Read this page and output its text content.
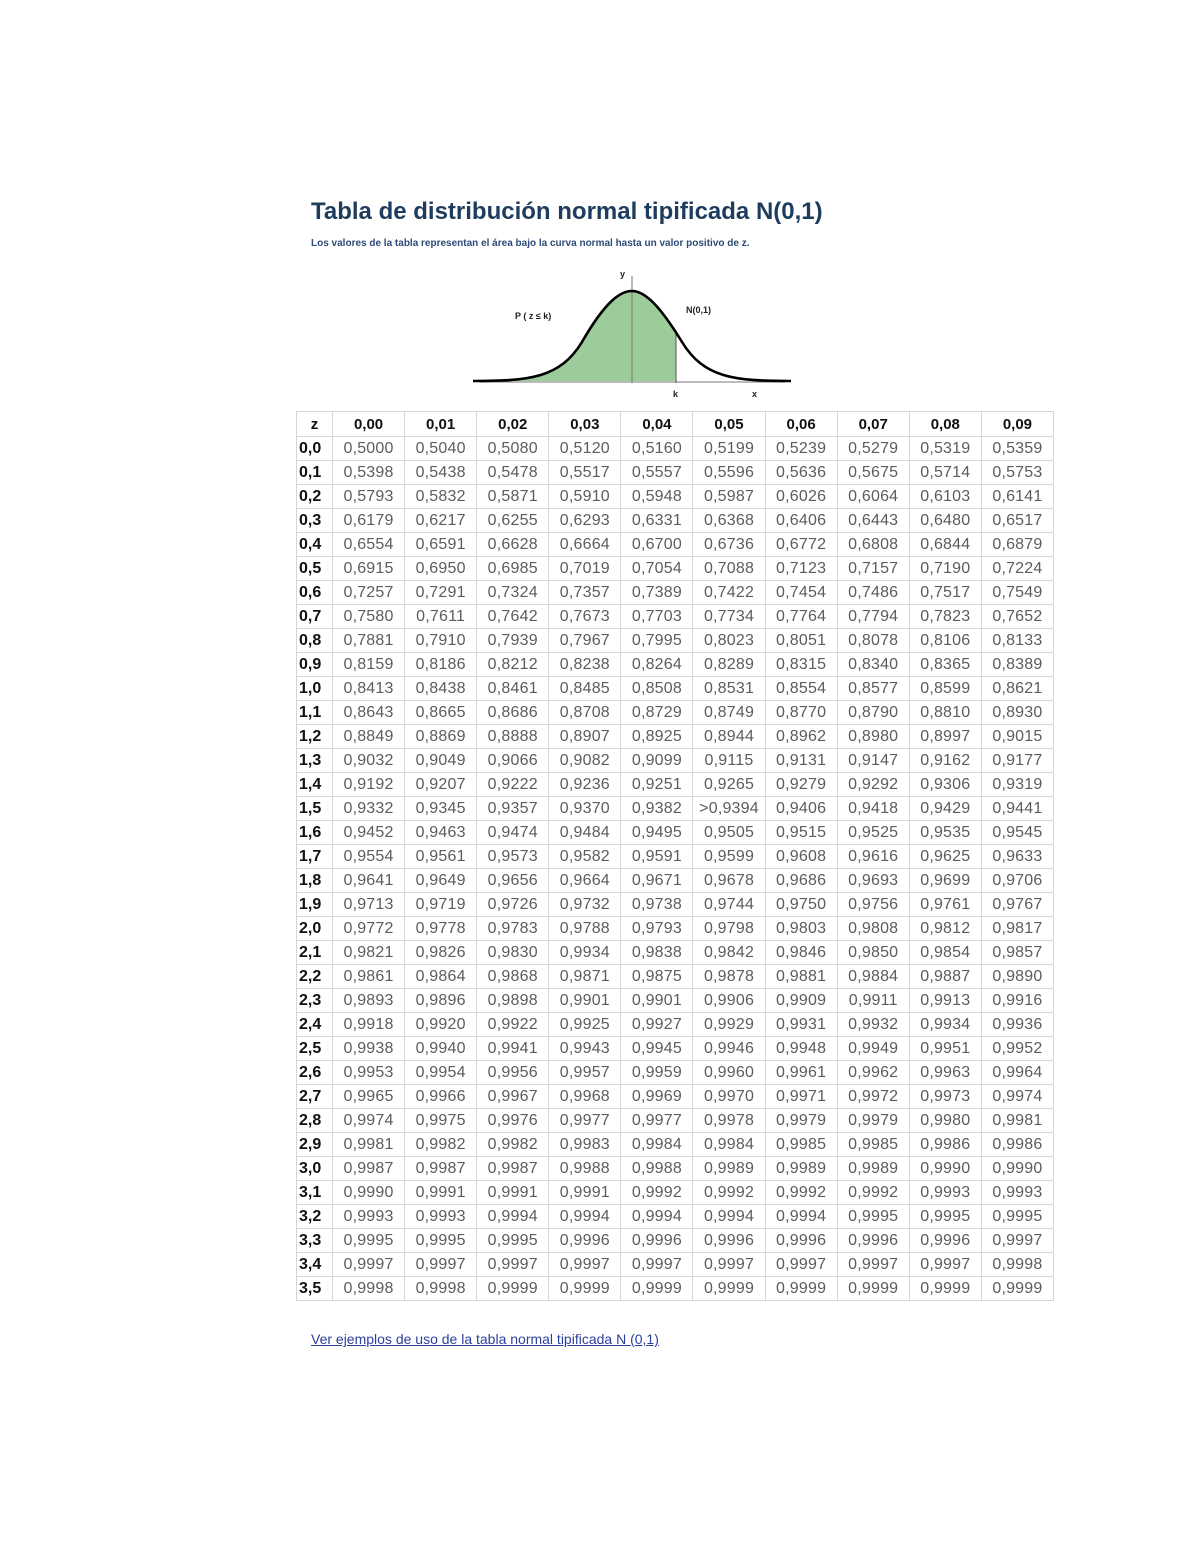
Tabla de distribución normal tipificada N(0,1)

Los valores de la tabla representan el área bajo la curva normal hasta un valor positivo de z.

y
P ( z ≤ k)
N(0,1)
k	x
z	0,00	0,01	0,02	0,03	0,04	0,05	0,06	0,07	0,08	0,09
0,0	0,5000	0,5040	0,5080	0,5120	0,5160	0,5199	0,5239	0,5279	0,5319	0,5359
0,1	0,5398	0,5438	0,5478	0,5517	0,5557	0,5596	0,5636	0,5675	0,5714	0,5753
0,2	0,5793	0,5832	0,5871	0,5910	0,5948	0,5987	0,6026	0,6064	0,6103	0,6141
0,3	0,6179	0,6217	0,6255	0,6293	0,6331	0,6368	0,6406	0,6443	0,6480	0,6517
0,4	0,6554	0,6591	0,6628	0,6664	0,6700	0,6736	0,6772	0,6808	0,6844	0,6879
0,5	0,6915	0,6950	0,6985	0,7019	0,7054	0,7088	0,7123	0,7157	0,7190	0,7224
0,6	0,7257	0,7291	0,7324	0,7357	0,7389	0,7422	0,7454	0,7486	0,7517	0,7549
0,7	0,7580	0,7611	0,7642	0,7673	0,7703	0,7734	0,7764	0,7794	0,7823	0,7652
0,8	0,7881	0,7910	0,7939	0,7967	0,7995	0,8023	0,8051	0,8078	0,8106	0,8133
0,9	0,8159	0,8186	0,8212	0,8238	0,8264	0,8289	0,8315	0,8340	0,8365	0,8389
1,0	0,8413	0,8438	0,8461	0,8485	0,8508	0,8531	0,8554	0,8577	0,8599	0,8621
1,1	0,8643	0,8665	0,8686	0,8708	0,8729	0,8749	0,8770	0,8790	0,8810	0,8930
1,2	0,8849	0,8869	0,8888	0,8907	0,8925	0,8944	0,8962	0,8980	0,8997	0,9015
1,3	0,9032	0,9049	0,9066	0,9082	0,9099	0,9115	0,9131	0,9147	0,9162	0,9177
1,4	0,9192	0,9207	0,9222	0,9236	0,9251	0,9265	0,9279	0,9292	0,9306	0,9319
1,5	0,9332	0,9345	0,9357	0,9370	0,9382	>0,9394	0,9406	0,9418	0,9429	0,9441
1,6	0,9452	0,9463	0,9474	0,9484	0,9495	0,9505	0,9515	0,9525	0,9535	0,9545
1,7	0,9554	0,9561	0,9573	0,9582	0,9591	0,9599	0,9608	0,9616	0,9625	0,9633
1,8	0,9641	0,9649	0,9656	0,9664	0,9671	0,9678	0,9686	0,9693	0,9699	0,9706
1,9	0,9713	0,9719	0,9726	0,9732	0,9738	0,9744	0,9750	0,9756	0,9761	0,9767
2,0	0,9772	0,9778	0,9783	0,9788	0,9793	0,9798	0,9803	0,9808	0,9812	0,9817
2,1	0,9821	0,9826	0,9830	0,9934	0,9838	0,9842	0,9846	0,9850	0,9854	0,9857
2,2	0,9861	0,9864	0,9868	0,9871	0,9875	0,9878	0,9881	0,9884	0,9887	0,9890
2,3	0,9893	0,9896	0,9898	0,9901	0,9901	0,9906	0,9909	0,9911	0,9913	0,9916
2,4	0,9918	0,9920	0,9922	0,9925	0,9927	0,9929	0,9931	0,9932	0,9934	0,9936
2,5	0,9938	0,9940	0,9941	0,9943	0,9945	0,9946	0,9948	0,9949	0,9951	0,9952
2,6	0,9953	0,9954	0,9956	0,9957	0,9959	0,9960	0,9961	0,9962	0,9963	0,9964
2,7	0,9965	0,9966	0,9967	0,9968	0,9969	0,9970	0,9971	0,9972	0,9973	0,9974
2,8	0,9974	0,9975	0,9976	0,9977	0,9977	0,9978	0,9979	0,9979	0,9980	0,9981
2,9	0,9981	0,9982	0,9982	0,9983	0,9984	0,9984	0,9985	0,9985	0,9986	0,9986
3,0	0,9987	0,9987	0,9987	0,9988	0,9988	0,9989	0,9989	0,9989	0,9990	0,9990
3,1	0,9990	0,9991	0,9991	0,9991	0,9992	0,9992	0,9992	0,9992	0,9993	0,9993
3,2	0,9993	0,9993	0,9994	0,9994	0,9994	0,9994	0,9994	0,9995	0,9995	0,9995
3,3	0,9995	0,9995	0,9995	0,9996	0,9996	0,9996	0,9996	0,9996	0,9996	0,9997
3,4	0,9997	0,9997	0,9997	0,9997	0,9997	0,9997	0,9997	0,9997	0,9997	0,9998
3,5	0,9998	0,9998	0,9999	0,9999	0,9999	0,9999	0,9999	0,9999	0,9999	0,9999
Ver ejemplos de uso de la tabla normal tipificada N (0,1)
